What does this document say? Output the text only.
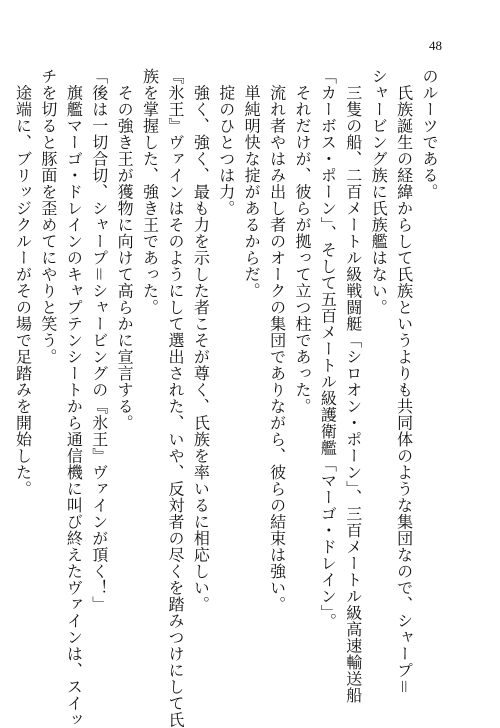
48
のルーツである。
　氏族誕生の経緯からして氏族というよりも共同体のような集団なので、シャープ＝
シャービング族に氏族艦はない。
　三隻の船、二百メートル級戦闘艇「シロオン・ポーン」、三百メートル級高速輸送船
「カーボス・ポーン」、そして五百メートル級護衛艦「マーゴ・ドレイン」。
　それだけが、彼らが拠って立つ柱であった。
　流れ者やはみ出し者のオークの集団でありながら、彼らの結束は強い。
　単純明快な掟があるからだ。
　掟のひとつは力。
　強く、強く、最も力を示した者こそが尊く、氏族を率いるに相応しい。
『氷王』ヴァインはそのようにして選出された、いや、反対者の尽くを踏みつけにして氏
族を掌握した、強き王であった。
　その強き王が獲物に向けて高らかに宣言する。
「後は一切合切、シャープ＝シャービングの『氷王』ヴァインが頂く！」
　旗艦マーゴ・ドレインのキャプテンシートから通信機に叫び終えたヴァインは、スイッ
チを切ると豚面を歪めてにやりと笑う。
　途端に、ブリッジクルーがその場で足踏みを開始した。
